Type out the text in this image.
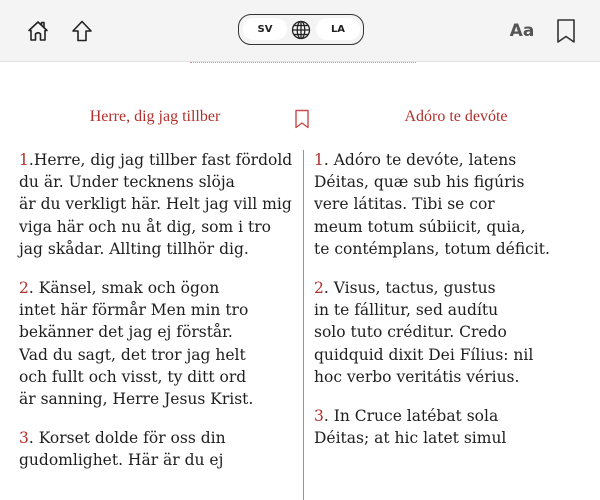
SV	LA	Aa
Herre, dig jag tillber	Adóro te devóte
1.Herre, dig jag tillber fast fördold
du är. Under tecknens slöja
är du verkligt här. Helt jag vill mig
viga här och nu åt dig, som i tro
jag skådar. Allting tillhör dig.
2. Känsel, smak och ögon
intet här förmår Men min tro
bekänner det jag ej förstår.
Vad du sagt, det tror jag helt
och fullt och visst, ty ditt ord
är sanning, Herre Jesus Krist.
3. Korset dolde för oss din
gudomlighet. Här är du ej
1. Adóro te devóte, latens
Déitas, quæ sub his figúris
vere látitas. Tibi se cor
meum totum súbiicit, quia,
te contémplans, totum déficit.
2. Visus, tactus, gustus
in te fállitur, sed audítu
solo tuto créditur. Credo
quidquid dixit Dei Fílius: nil
hoc verbo veritátis vérius.
3. In Cruce latébat sola
Déitas; at hic latet simul
